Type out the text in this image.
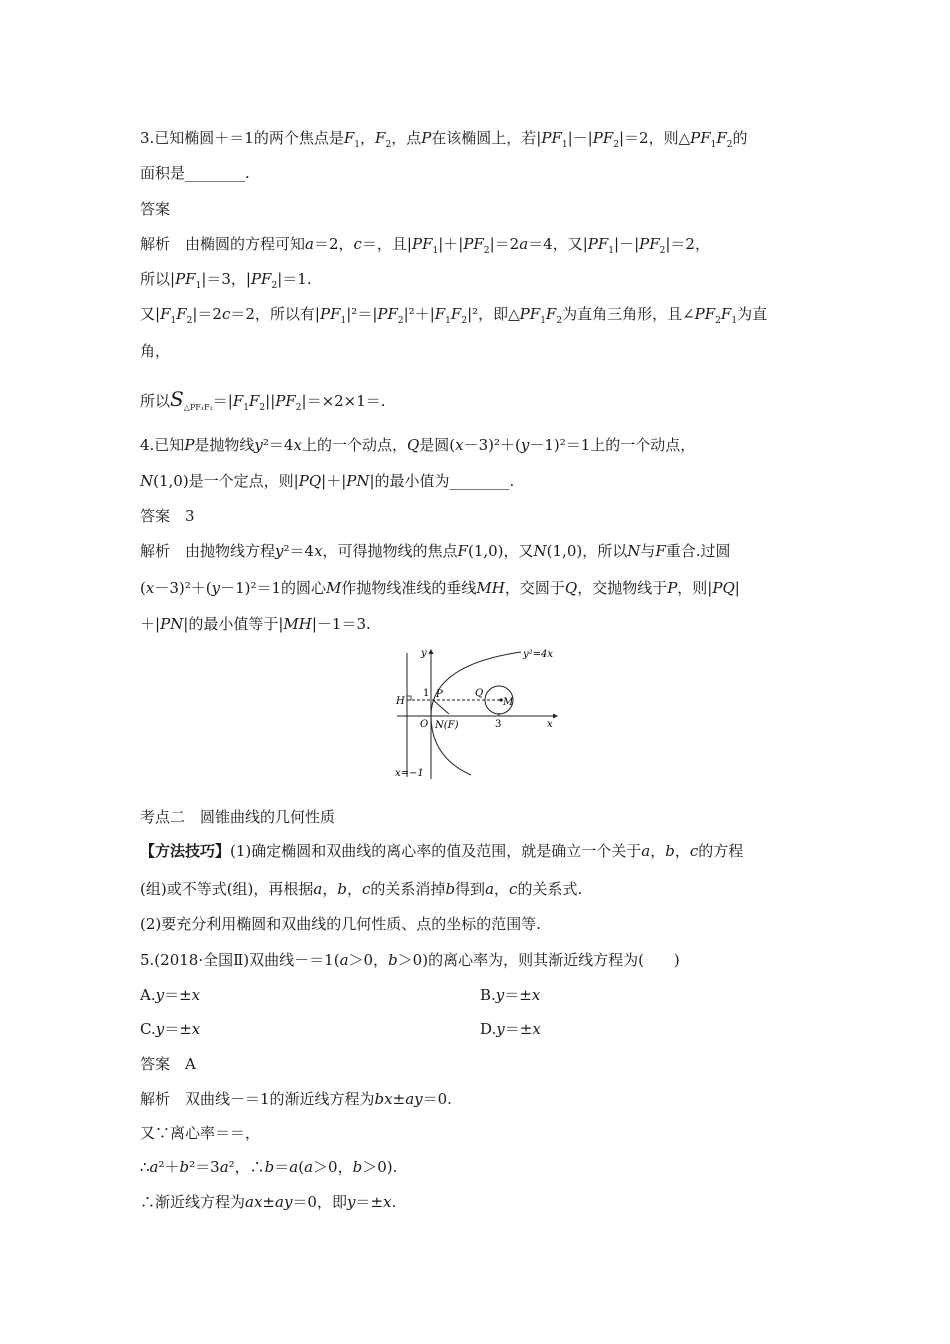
3.已知椭圆＋＝1的两个焦点是$F_1$，$F_2$，点P在该椭圆上，若$|PF_1|-|PF_2|=2$，则$\triangle PF_1F_2$的
面积是________.
答案
解析　由椭圆的方程可知a＝2，c＝，且$|PF_1|+|PF_2|=2a=4$，又$|PF_1|-|PF_2|=2$，
所以$|PF_1|=3$，$|PF_2|=1$.
又$|F_1F_2|=2c=2$，所以有$|PF_1|^2=|PF_2|^2+|F_1F_2|^2$，即$\triangle PF_1F_2$为直角三角形，且$\angle PF_2F_1$为直
角，
所以$S_{\triangle PF_1F_2}=|F_1F_2||PF_2|=\times 2\times 1=$.
4.已知P是抛物线y²＝4x上的一个动点，Q是圆(x－3)²＋(y－1)²＝1上的一个动点，
N(1,0)是一个定点，则|PQ|＋|PN|的最小值为________.
答案　3
解析　由抛物线方程y²＝4x，可得抛物线的焦点F(1,0)，又N(1,0)，所以N与F重合.过圆
(x－3)²＋(y－1)²＝1的圆心M作抛物线准线的垂线MH，交圆于Q，交抛物线于P，则|PQ|
＋|PN|的最小值等于|MH|－1＝3.
y
x
y²=4x
1 P	Q
M
H
O N(F)	3
x=−1
考点二　圆锥曲线的几何性质
【方法技巧】(1)确定椭圆和双曲线的离心率的值及范围，就是确立一个关于a，b，c的方程
(组)或不等式(组)，再根据a，b，c的关系消掉b得到a，c的关系式.
(2)要充分利用椭圆和双曲线的几何性质、点的坐标的范围等.
5.(2018·全国Ⅱ)双曲线－＝1(a＞0，b＞0)的离心率为，则其渐近线方程为(　　)
A.y＝±x	B.y＝±x
C.y＝±x	D.y＝±x
答案　A
解析　双曲线－＝1的渐近线方程为bx±ay＝0.
又∵离心率＝＝，
∴a²＋b²＝3a²，∴b＝a(a＞0，b＞0).
∴渐近线方程为ax±ay＝0，即y＝±x.
